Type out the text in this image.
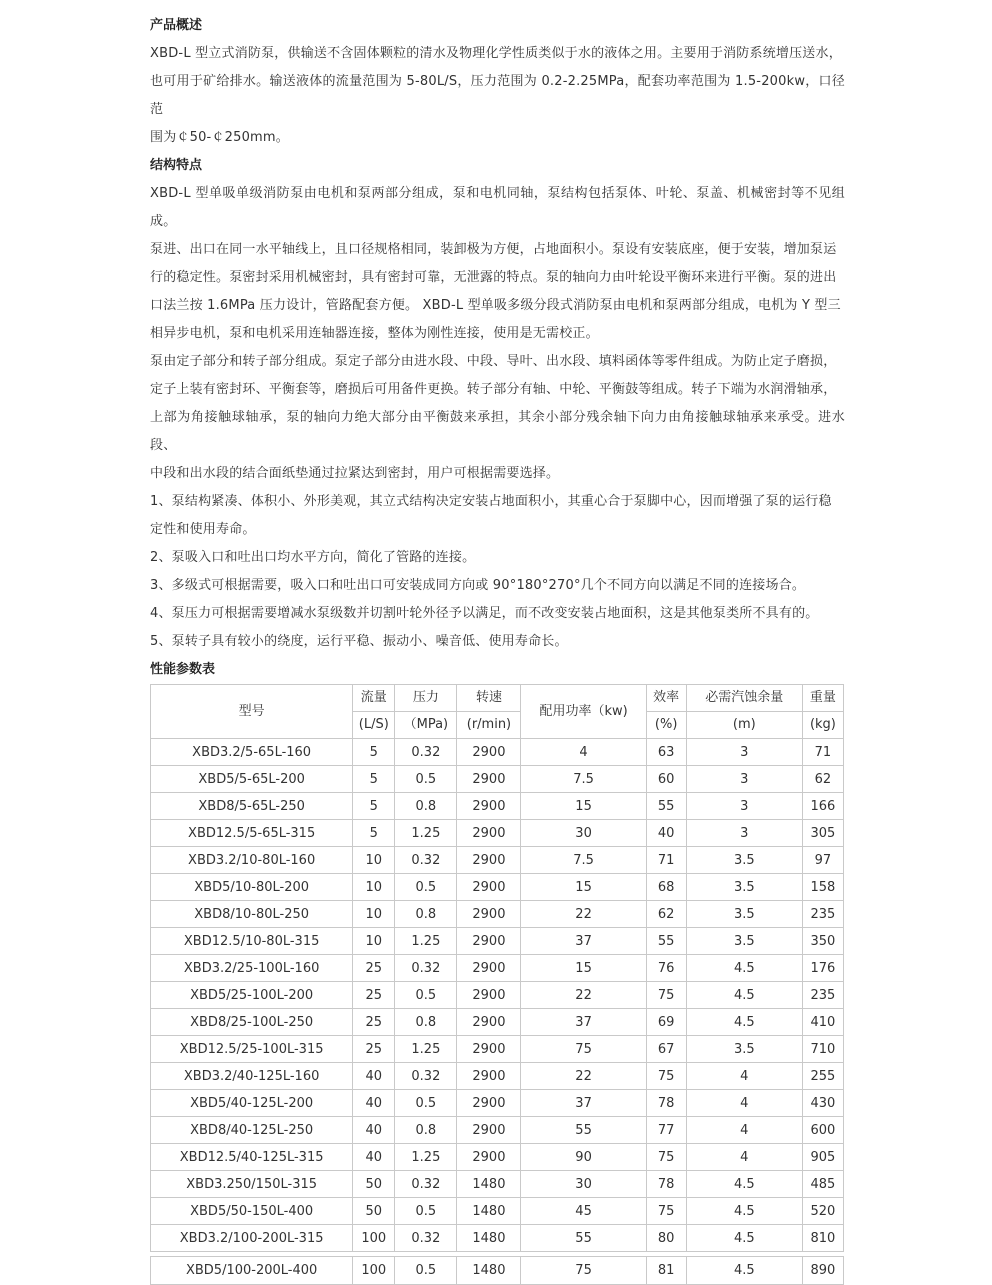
产品概述

XBD-L 型立式消防泵，供输送不含固体颗粒的清水及物理化学性质类似于水的液体之用。主要用于消防系统增压送水，
也可用于矿给排水。输送液体的流量范围为 5-80L/S，压力范围为 0.2-2.25MPa，配套功率范围为 1.5-200kw，口径范
围为￠50-￠250mm。

结构特点

XBD-L 型单吸单级消防泵由电机和泵两部分组成，泵和电机同轴，泵结构包括泵体、叶轮、泵盖、机械密封等不见组成。
泵进、出口在同一水平轴线上，且口径规格相同，装卸极为方便，占地面积小。泵设有安装底座，便于安装，增加泵运
行的稳定性。泵密封采用机械密封，具有密封可靠，无泄露的特点。泵的轴向力由叶轮设平衡环来进行平衡。泵的进出
口法兰按 1.6MPa 压力设计，管路配套方便。 XBD-L 型单吸多级分段式消防泵由电机和泵两部分组成，电机为 Y 型三
相异步电机，泵和电机采用连轴器连接，整体为刚性连接，使用是无需校正。

泵由定子部分和转子部分组成。泵定子部分由进水段、中段、导叶、出水段、填料函体等零件组成。为防止定子磨损，
定子上装有密封环、平衡套等，磨损后可用备件更换。转子部分有轴、中轮、平衡鼓等组成。转子下端为水润滑轴承，
上部为角接触球轴承，泵的轴向力绝大部分由平衡鼓来承担，其余小部分残余轴下向力由角接触球轴承来承受。进水段、
中段和出水段的结合面纸垫通过拉紧达到密封，用户可根据需要选择。

1、泵结构紧凑、体积小、外形美观，其立式结构决定安装占地面积小，其重心合于泵脚中心，因而增强了泵的运行稳
定性和使用寿命。

2、泵吸入口和吐出口均水平方向，简化了管路的连接。

3、多级式可根据需要，吸入口和吐出口可安装成同方向或 90°180°270°几个不同方向以满足不同的连接场合。

4、泵压力可根据需要增减水泵级数并切割叶轮外径予以满足，而不改变安装占地面积，这是其他泵类所不具有的。

5、泵转子具有较小的绕度，运行平稳、振动小、噪音低、使用寿命长。

性能参数表

型号	流量	压力	转速	配用功率（kw)	效率	必需汽蚀余量	重量
	(L/S)	（MPa)	(r/min)		(%)	(m)	(kg)
XBD3.2/5-65L-160	5	0.32	2900	4	63	3	71
XBD5/5-65L-200	5	0.5	2900	7.5	60	3	62
XBD8/5-65L-250	5	0.8	2900	15	55	3	166
XBD12.5/5-65L-315	5	1.25	2900	30	40	3	305
XBD3.2/10-80L-160	10	0.32	2900	7.5	71	3.5	97
XBD5/10-80L-200	10	0.5	2900	15	68	3.5	158
XBD8/10-80L-250	10	0.8	2900	22	62	3.5	235
XBD12.5/10-80L-315	10	1.25	2900	37	55	3.5	350
XBD3.2/25-100L-160	25	0.32	2900	15	76	4.5	176
XBD5/25-100L-200	25	0.5	2900	22	75	4.5	235
XBD8/25-100L-250	25	0.8	2900	37	69	4.5	410
XBD12.5/25-100L-315	25	1.25	2900	75	67	3.5	710
XBD3.2/40-125L-160	40	0.32	2900	22	75	4	255
XBD5/40-125L-200	40	0.5	2900	37	78	4	430
XBD8/40-125L-250	40	0.8	2900	55	77	4	600
XBD12.5/40-125L-315	40	1.25	2900	90	75	4	905
XBD3.250/150L-315	50	0.32	1480	30	78	4.5	485
XBD5/50-150L-400	50	0.5	1480	45	75	4.5	520
XBD3.2/100-200L-315	100	0.32	1480	55	80	4.5	810

XBD5/100-200L-400	100	0.5	1480	75	81	4.5	890
